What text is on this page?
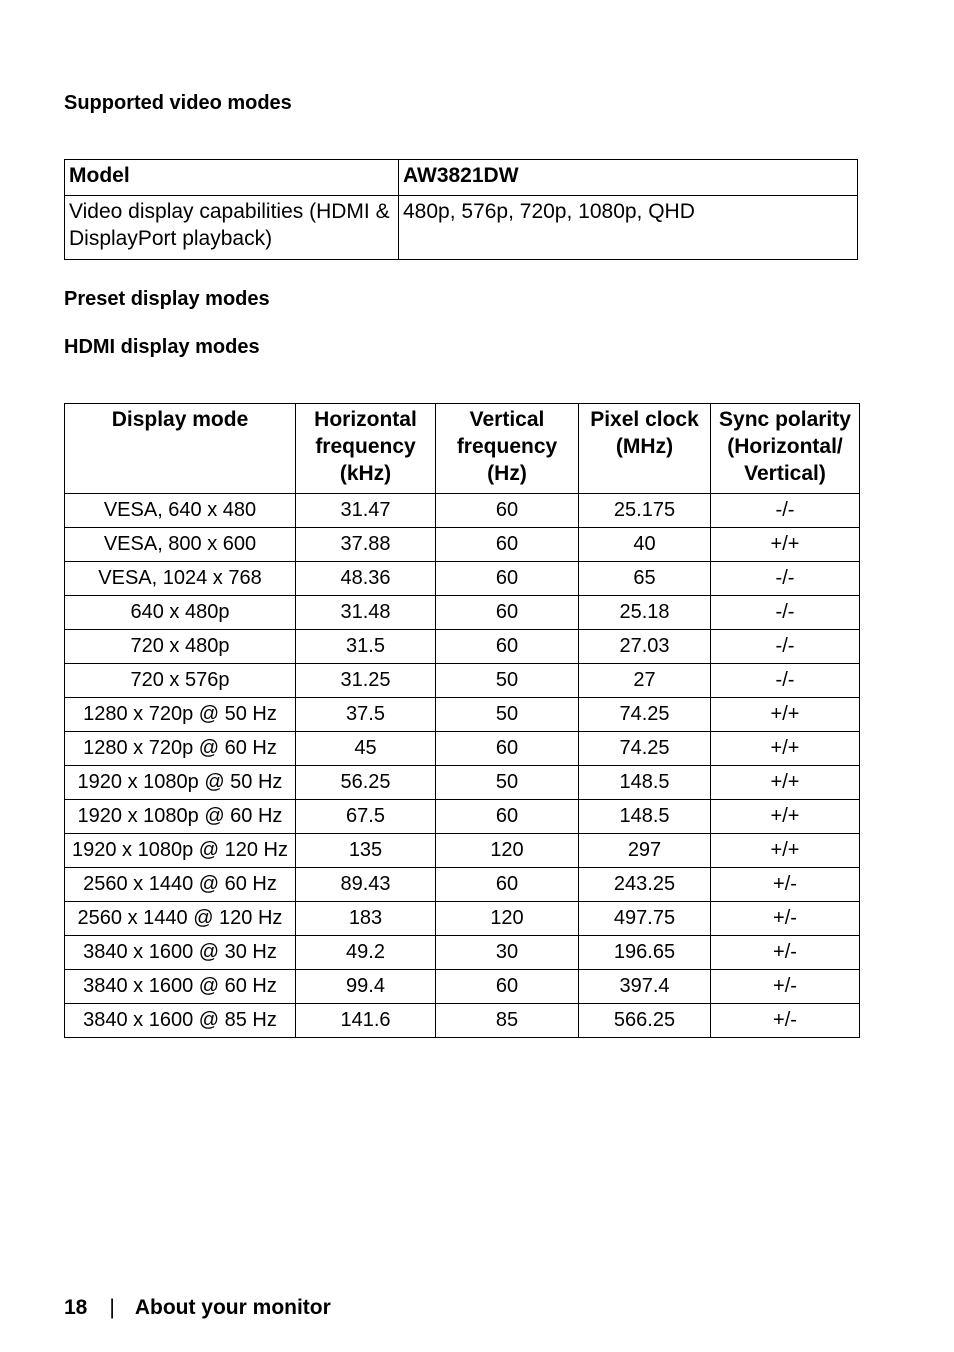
Supported video modes
Model	AW3821DW
Video display capabilities (HDMI & DisplayPort playback)	480p, 576p, 720p, 1080p, QHD
Preset display modes
HDMI display modes
Display mode	Horizontal frequency (kHz)	Vertical frequency (Hz)	Pixel clock (MHz)	Sync polarity (Horizontal/ Vertical)
VESA, 640 x 480	31.47	60	25.175	-/-
VESA, 800 x 600	37.88	60	40	+/+
VESA, 1024 x 768	48.36	60	65	-/-
640 x 480p	31.48	60	25.18	-/-
720 x 480p	31.5	60	27.03	-/-
720 x 576p	31.25	50	27	-/-
1280 x 720p @ 50 Hz	37.5	50	74.25	+/+
1280 x 720p @ 60 Hz	45	60	74.25	+/+
1920 x 1080p @ 50 Hz	56.25	50	148.5	+/+
1920 x 1080p @ 60 Hz	67.5	60	148.5	+/+
1920 x 1080p @ 120 Hz	135	120	297	+/+
2560 x 1440 @ 60 Hz	89.43	60	243.25	+/-
2560 x 1440 @ 120 Hz	183	120	497.75	+/-
3840 x 1600 @ 30 Hz	49.2	30	196.65	+/-
3840 x 1600 @ 60 Hz	99.4	60	397.4	+/-
3840 x 1600 @ 85 Hz	141.6	85	566.25	+/-
18 | About your monitor
